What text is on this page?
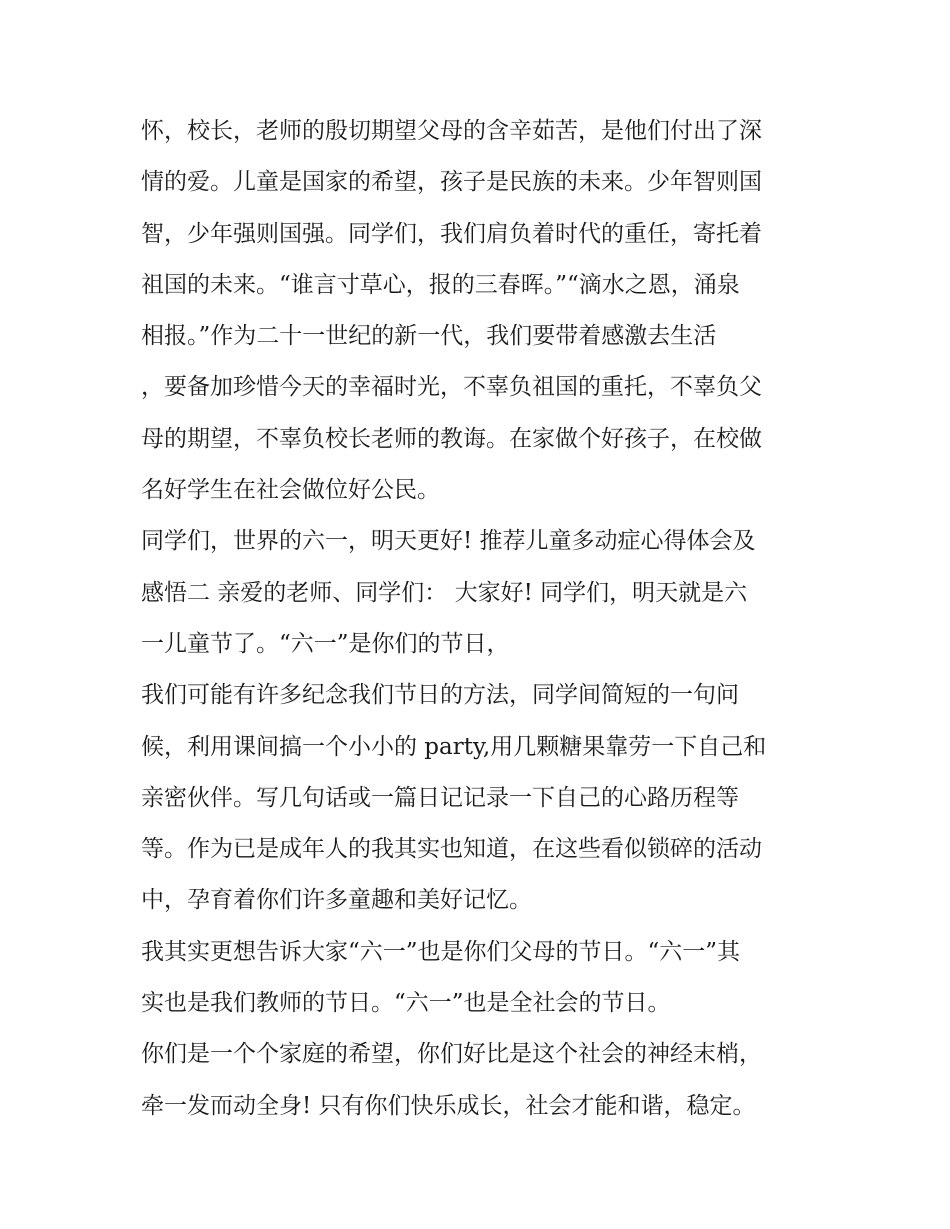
怀，校长，老师的殷切期望父母的含辛茹苦，是他们付出了深
情的爱。儿童是国家的希望，孩子是民族的未来。少年智则国
智，少年强则国强。同学们，我们肩负着时代的重任，寄托着
祖国的未来。“谁言寸草心，报的三春晖。”“滴水之恩，涌泉
相报。”作为二十一世纪的新一代，我们要带着感激去生活
，要备加珍惜今天的幸福时光，不辜负祖国的重托，不辜负父
母的期望，不辜负校长老师的教诲。在家做个好孩子，在校做
名好学生在社会做位好公民。
同学们，世界的六一，明天更好! 推荐儿童多动症心得体会及
感悟二 亲爱的老师、同学们： 大家好! 同学们，明天就是六
一儿童节了。“六一”是你们的节日，
我们可能有许多纪念我们节日的方法，同学间简短的一句问
候，利用课间搞一个小小的 party,用几颗糖果靠劳一下自己和
亲密伙伴。写几句话或一篇日记记录一下自己的心路历程等
等。作为已是成年人的我其实也知道，在这些看似锁碎的活动
中，孕育着你们许多童趣和美好记忆。
我其实更想告诉大家“六一”也是你们父母的节日。“六一”其
实也是我们教师的节日。“六一”也是全社会的节日。
你们是一个个家庭的希望，你们好比是这个社会的神经末梢，
牵一发而动全身! 只有你们快乐成长，社会才能和谐，稳定。
